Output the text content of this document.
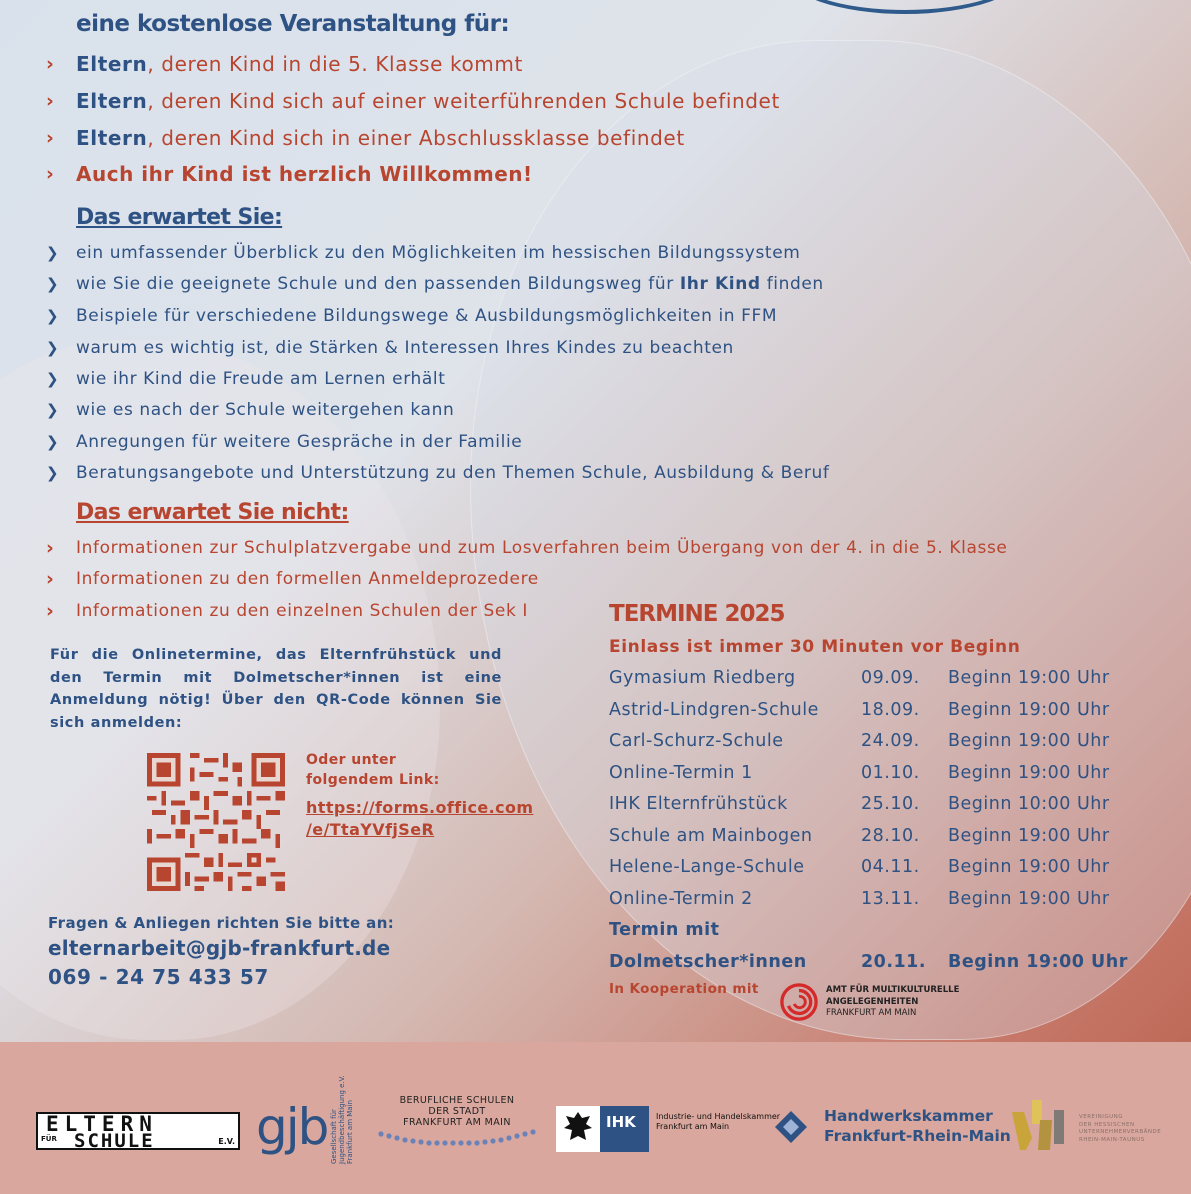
eine kostenlose Veranstaltung für:
›	Eltern, deren Kind in die 5. Klasse kommt
›	Eltern, deren Kind sich auf einer weiterführenden Schule befindet
›	Eltern, deren Kind sich in einer Abschlussklasse befindet
›	Auch ihr Kind ist herzlich Willkommen!
Das erwartet Sie:
❯	ein umfassender Überblick zu den Möglichkeiten im hessischen Bildungssystem
❯	wie Sie die geeignete Schule und den passenden Bildungsweg für Ihr Kind finden
❯	Beispiele für verschiedene Bildungswege & Ausbildungsmöglichkeiten in FFM
❯	warum es wichtig ist, die Stärken & Interessen Ihres Kindes zu beachten
❯	wie ihr Kind die Freude am Lernen erhält
❯	wie es nach der Schule weitergehen kann
❯	Anregungen für weitere Gespräche in der Familie
❯	Beratungsangebote und Unterstützung zu den Themen Schule, Ausbildung & Beruf
Das erwartet Sie nicht:
›	Informationen zur Schulplatzvergabe und zum Losverfahren beim Übergang von der 4. in die 5. Klasse
›	Informationen zu den formellen Anmeldeprozedere
›	Informationen zu den einzelnen Schulen der Sek I
Für die Onlinetermine, das Elternfrühstück und den Termin mit Dolmetscher*innen ist eine Anmeldung nötig! Über den QR-Code können Sie sich anmelden:
Oder unter
folgendem Link:
https://forms.office.com
/e/TtaYVfjSeR
Fragen & Anliegen richten Sie bitte an:
elternarbeit@gjb-frankfurt.de
069 - 24 75 433 57
TERMINE 2025
Einlass ist immer 30 Minuten vor Beginn
Gymasium Riedberg	09.09. Beginn 19:00 Uhr
Astrid-Lindgren-Schule 18.09. Beginn 19:00 Uhr
Carl-Schurz-Schule	24.09. Beginn 19:00 Uhr
Online-Termin 1	01.10. Beginn 19:00 Uhr
IHK Elternfrühstück	25.10. Beginn 10:00 Uhr
Schule am Mainbogen	28.10. Beginn 19:00 Uhr
Helene-Lange-Schule	04.11. Beginn 19:00 Uhr
Online-Termin 2	13.11. Beginn 19:00 Uhr
Termin mit
Dolmetscher*innen	20.11. Beginn 19:00 Uhr
In Kooperation mit	AMT FÜR MULTIKULTURELLE
ANGELEGENHEITEN
FRANKFURT AM MAIN
ELTERN
FÜR SCHULE	E.V. gjb Gesellschaft für Jugendbeschäftigung e.V. Frankfurt am Main	BERUFLICHE SCHULEN
DER STADT
FRANKFURT AM MAIN	IHK	Industrie- und Handelskammer
Frankfurt am Main
Handwerkskammer
Frankfurt-Rhein-Main
VEREINIGUNG
DER HESSISCHEN
UNTERNEHMERVERBÄNDE
RHEIN-MAIN-TAUNUS
